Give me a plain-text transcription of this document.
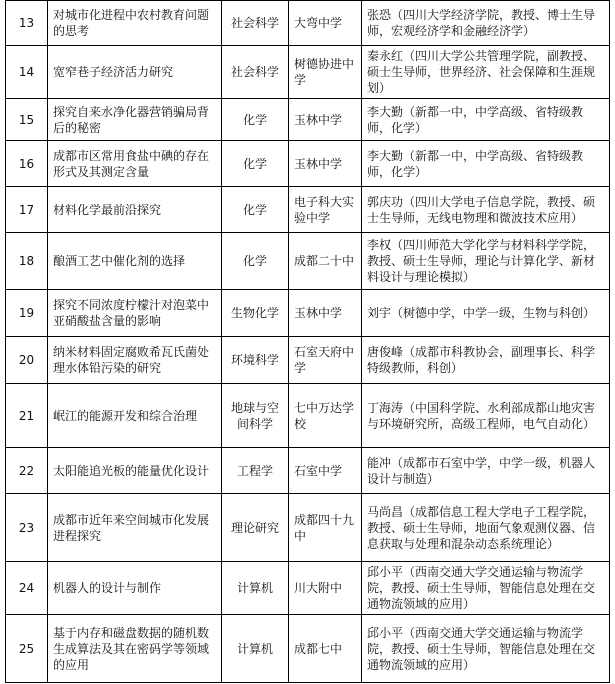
13	对城市化进程中农村教育问题的思考	社会科学	大弯中学	张恐（四川大学经济学院，教授、博士生导师，宏观经济学和金融经济学）
14	宽窄巷子经济活力研究	社会科学	树德协进中学	秦永红（四川大学公共管理学院，副教授、硕士生导师，世界经济、社会保障和生涯规划）
15	探究自来水净化器营销骗局背后的秘密	化学	玉林中学	李大勤（新都一中，中学高级、省特级教师，化学）
16	成都市区常用食盐中碘的存在形式及其测定含量	化学	玉林中学	李大勤（新都一中，中学高级、省特级教师，化学）
17	材料化学最前沿探究	化学	电子科大实验中学	郭庆功（四川大学电子信息学院，教授、硕士生导师，无线电物理和微波技术应用）
18	酿酒工艺中催化剂的选择	化学	成都二十中	李权（四川师范大学化学与材料科学学院，教授、硕士生导师，理论与计算化学、新材料设计与理论模拟）
19	探究不同浓度柠檬汁对泡菜中亚硝酸盐含量的影响	生物化学	玉林中学	刘宇（树德中学，中学一级，生物与科创）
20	纳米材料固定腐败希瓦氏菌处理水体铅污染的研究	环境科学	石室天府中学	唐俊峰（成都市科教协会，副理事长、科学特级教师，科创）
21	岷江的能源开发和综合治理	地球与空间科学	七中万达学校	丁海涛（中国科学院、水利部成都山地灾害与环境研究所，高级工程师，电气自动化）
22	太阳能追光板的能量优化设计	工程学	石室中学	能冲（成都市石室中学，中学一级，机器人设计与制造）
23	成都市近年来空间城市化发展进程探究	理论研究	成都四十九中	马尚昌（成都信息工程大学电子工程学院，教授、硕士生导师，地面气象观测仪器、信息获取与处理和混杂动态系统理论）
24	机器人的设计与制作	计算机	川大附中	邱小平（西南交通大学交通运输与物流学院，教授、硕士生导师，智能信息处理在交通物流领域的应用）
25	基于内存和磁盘数据的随机数生成算法及其在密码学等领域的应用	计算机	成都七中	邱小平（西南交通大学交通运输与物流学院，教授、硕士生导师，智能信息处理在交通物流领域的应用）
